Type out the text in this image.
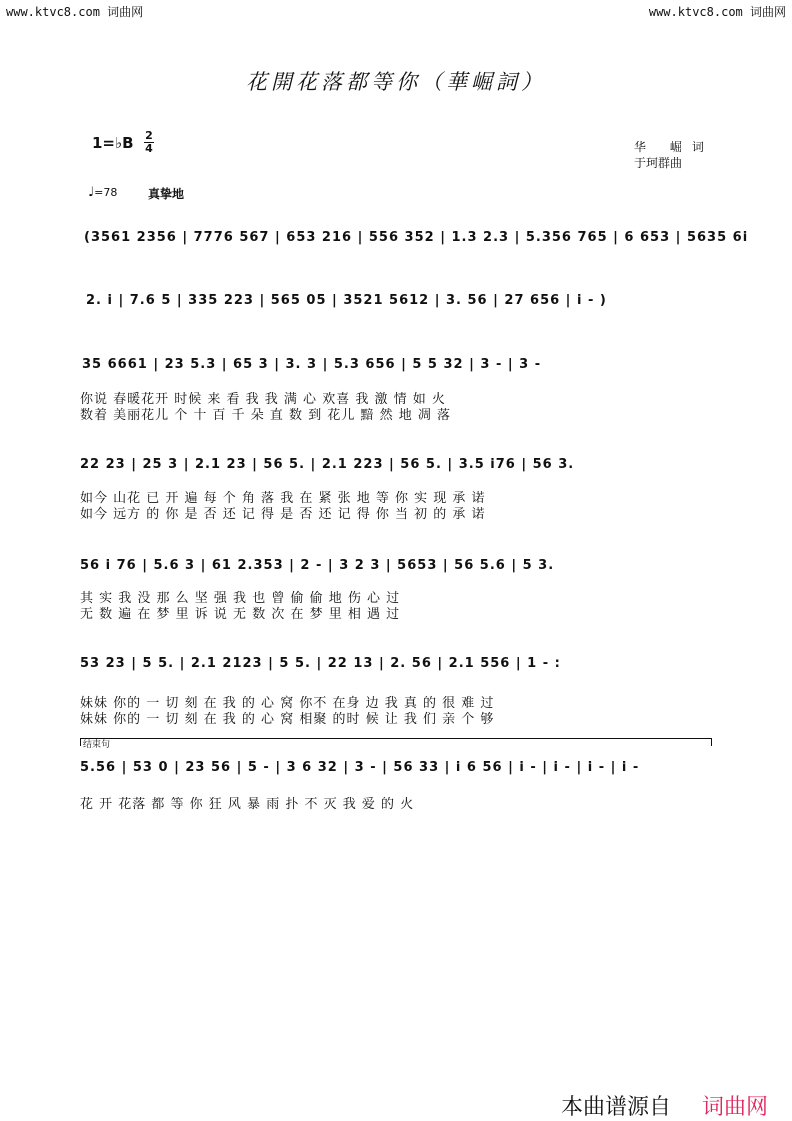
www.ktvc8.com 词曲网	www.ktvc8.com 词曲网
花開花落都等你（華崛詞）
1=♭B 2
4	华 崛词
于珂群曲
♩=78	真挚地
(3561 2356 | 7776 567 | 653 216 | 556 352 | 1.3 2.3 | 5.356 765 | 6 653 | 5635 6i
2. i | 7.6 5 | 335 223 | 565 05 | 3521 5612 | 3. 56 | 27 656 | i - )
35 6661 | 23 5.3 | 65 3 | 3. 3 | 5.3 656 | 5 5 32 | 3 - | 3 -
你说 春暖花开 时候 来 看 我 我 满 心 欢喜 我 激 情 如 火
数着 美丽花儿 个 十 百 千 朵 直 数 到 花儿 黯 然 地 凋 落
22 23 | 25 3 | 2.1 23 | 56 5. | 2.1 223 | 56 5. | 3.5 i76 | 56 3.
如今 山花 已 开 遍 每 个 角 落 我 在 紧 张 地 等 你 实 现 承 诺
如今 远方 的 你 是 否 还 记 得 是 否 还 记 得 你 当 初 的 承 诺
56 i 76 | 5.6 3 | 61 2.353 | 2 - | 3 2 3 | 5653 | 56 5.6 | 5 3.
其 实 我 没 那 么 坚 强 我 也 曾 偷 偷 地 伤 心 过
无 数 遍 在 梦 里 诉 说 无 数 次 在 梦 里 相 遇 过
53 23 | 5 5. | 2.1 2123 | 5 5. | 22 13 | 2. 56 | 2.1 556 | 1 - :
妹妹 你的 一 切 刻 在 我 的 心 窝 你不 在身 边 我 真 的 很 难 过
妹妹 你的 一 切 刻 在 我 的 心 窝 相聚 的时 候 让 我 们 亲 个 够
结束句
5.56 | 53 0 | 23 56 | 5 - | 3 6 32 | 3 - | 56 33 | i 6 56 | i - | i - | i - | i -
花 开 花落 都 等 你 狂 风 暴 雨 扑 不 灭 我 爱 的 火
本曲谱源自 词曲网
